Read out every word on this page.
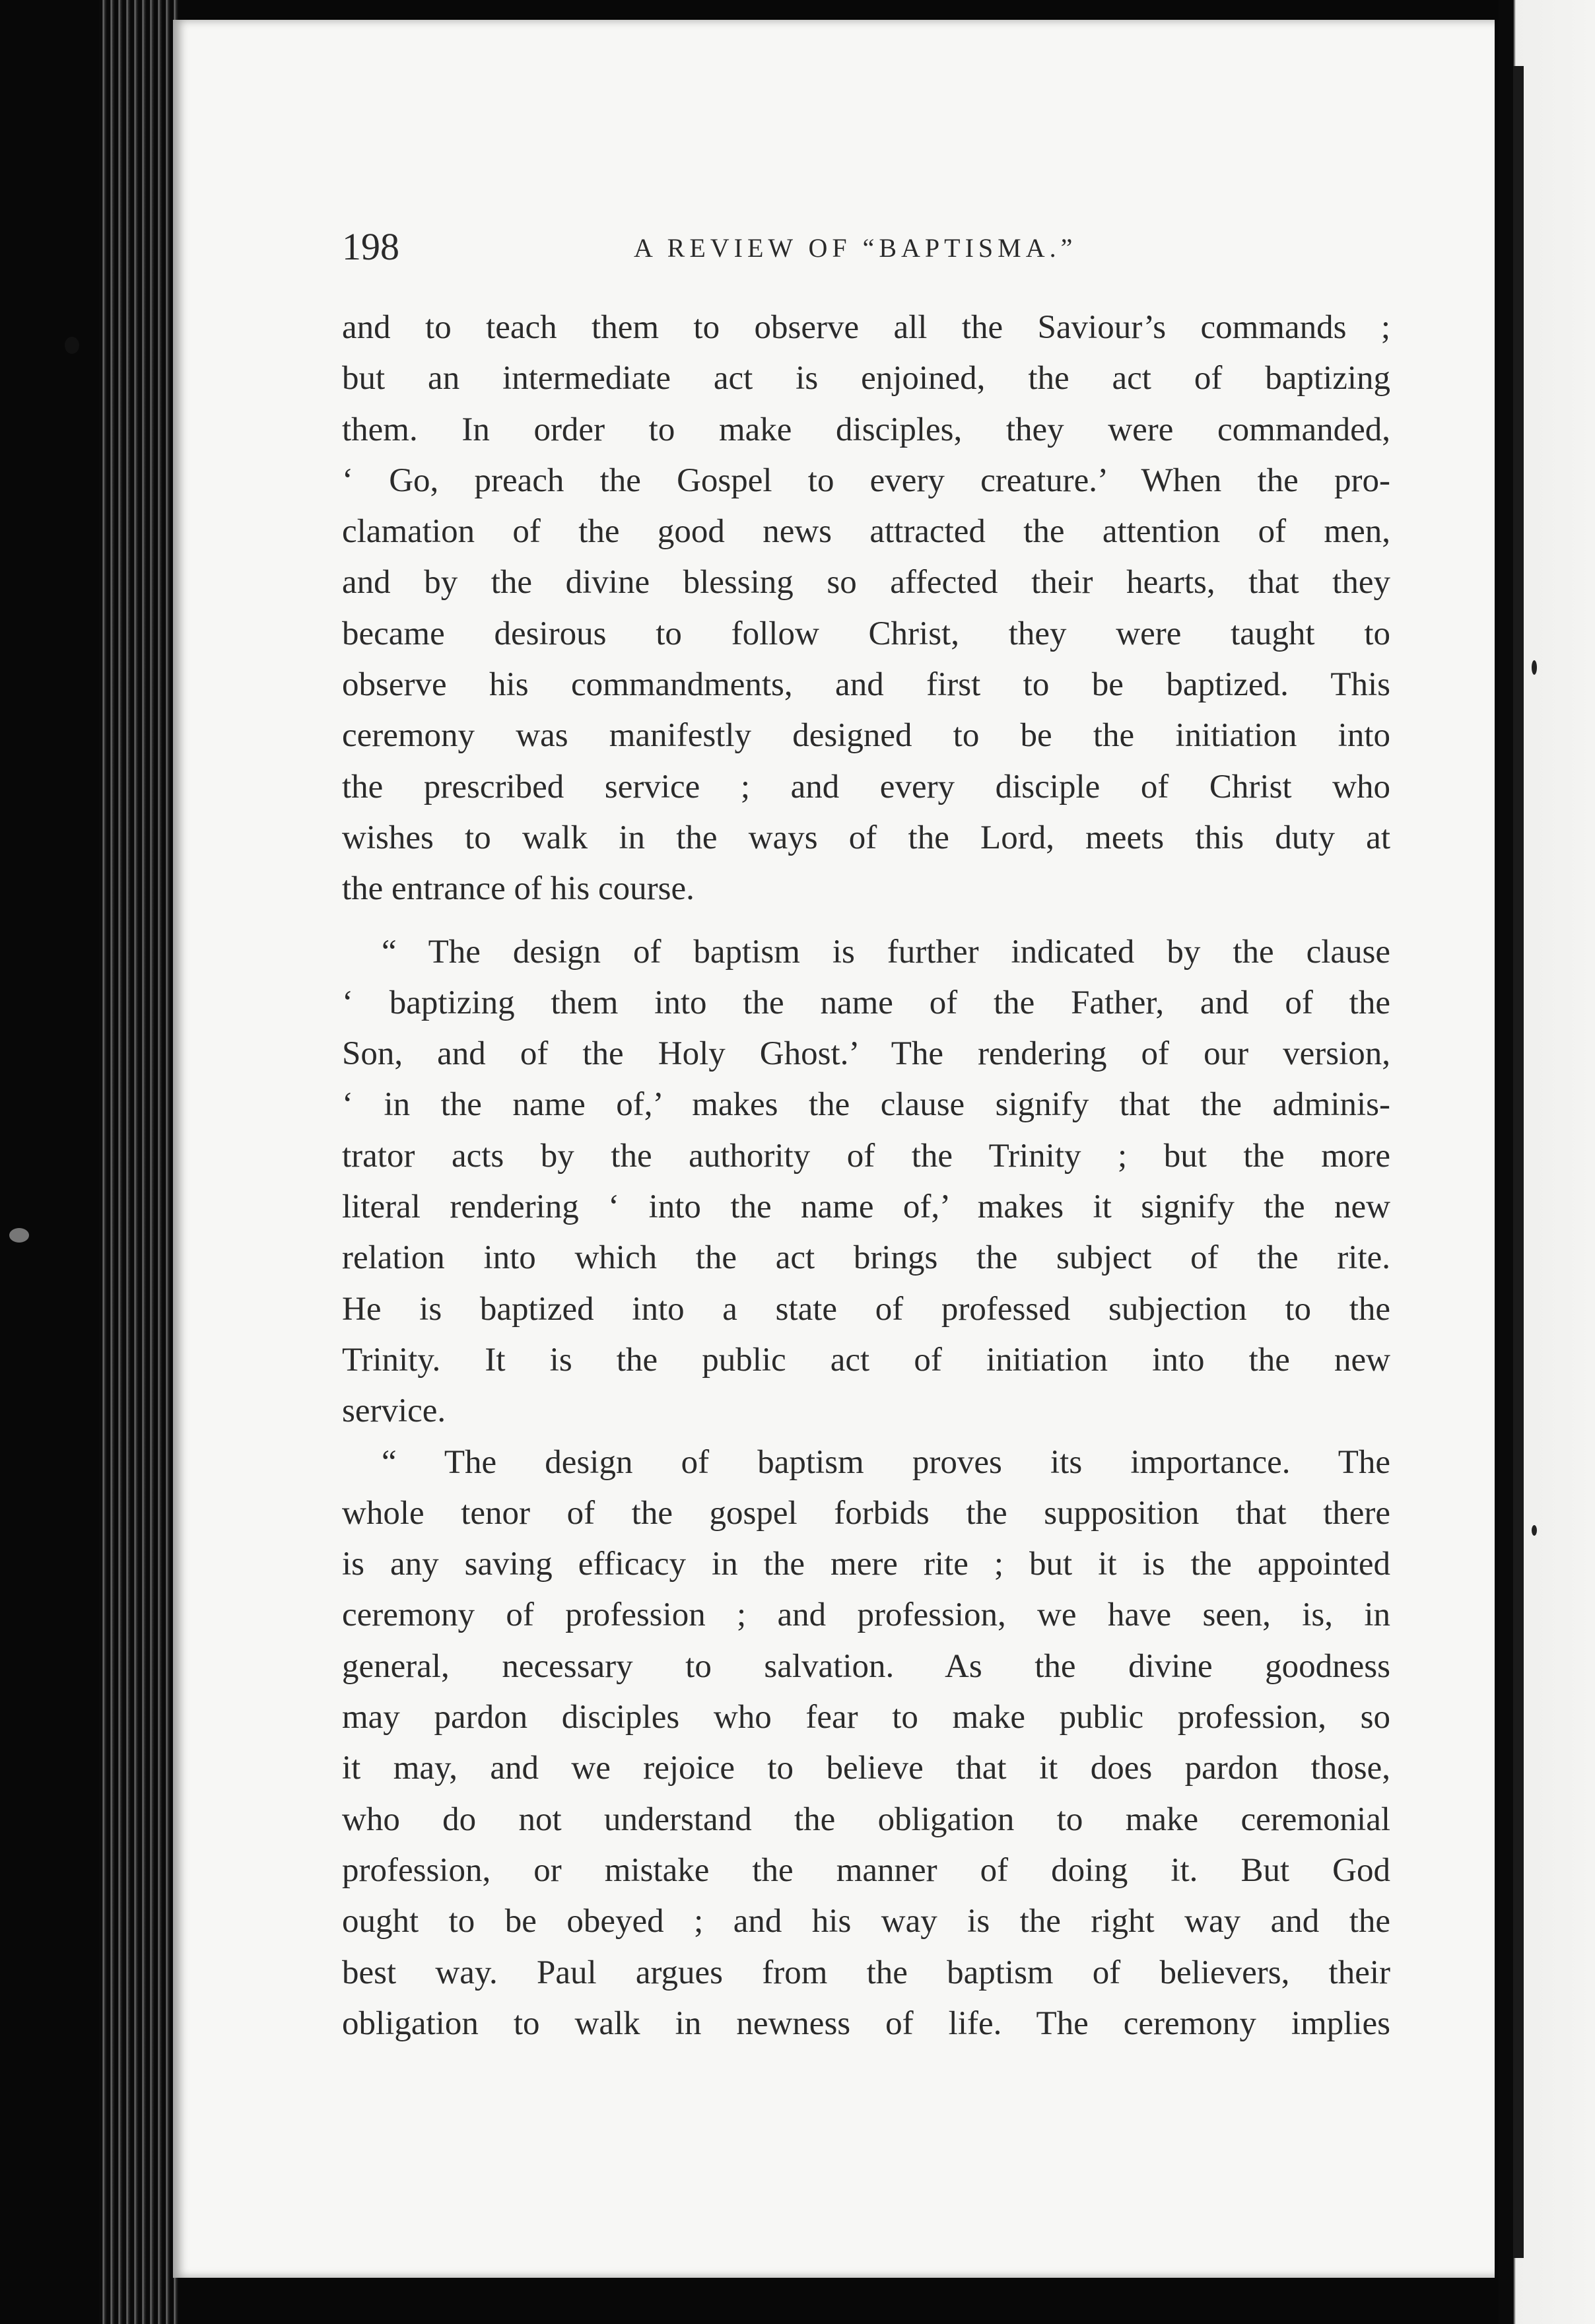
198	A REVIEW OF “BAPTISMA.”
and to teach them to observe all the Saviour’s commands ;
but an intermediate act is enjoined, the act of baptizing
them. In order to make disciples, they were commanded,
‘ Go, preach the Gospel to every creature.’ When the pro-
clamation of the good news attracted the attention of men,
and by the divine blessing so affected their hearts, that they
became desirous to follow Christ, they were taught to
observe his commandments, and first to be baptized. This
ceremony was manifestly designed to be the initiation into
the prescribed service ; and every disciple of Christ who
wishes to walk in the ways of the Lord, meets this duty at
the entrance of his course.
“ The design of baptism is further indicated by the clause
‘ baptizing them into the name of the Father, and of the
Son, and of the Holy Ghost.’ The rendering of our version,
‘ in the name of,’ makes the clause signify that the adminis-
trator acts by the authority of the Trinity ; but the more
literal rendering ‘ into the name of,’ makes it signify the new
relation into which the act brings the subject of the rite.
He is baptized into a state of professed subjection to the
Trinity. It is the public act of initiation into the new
service.
“ The design of baptism proves its importance. The
whole tenor of the gospel forbids the supposition that there
is any saving efficacy in the mere rite ; but it is the appointed
ceremony of profession ; and profession, we have seen, is, in
general, necessary to salvation. As the divine goodness
may pardon disciples who fear to make public profession, so
it may, and we rejoice to believe that it does pardon those,
who do not understand the obligation to make ceremonial
profession, or mistake the manner of doing it. But God
ought to be obeyed ; and his way is the right way and the
best way. Paul argues from the baptism of believers, their
obligation to walk in newness of life. The ceremony implies
